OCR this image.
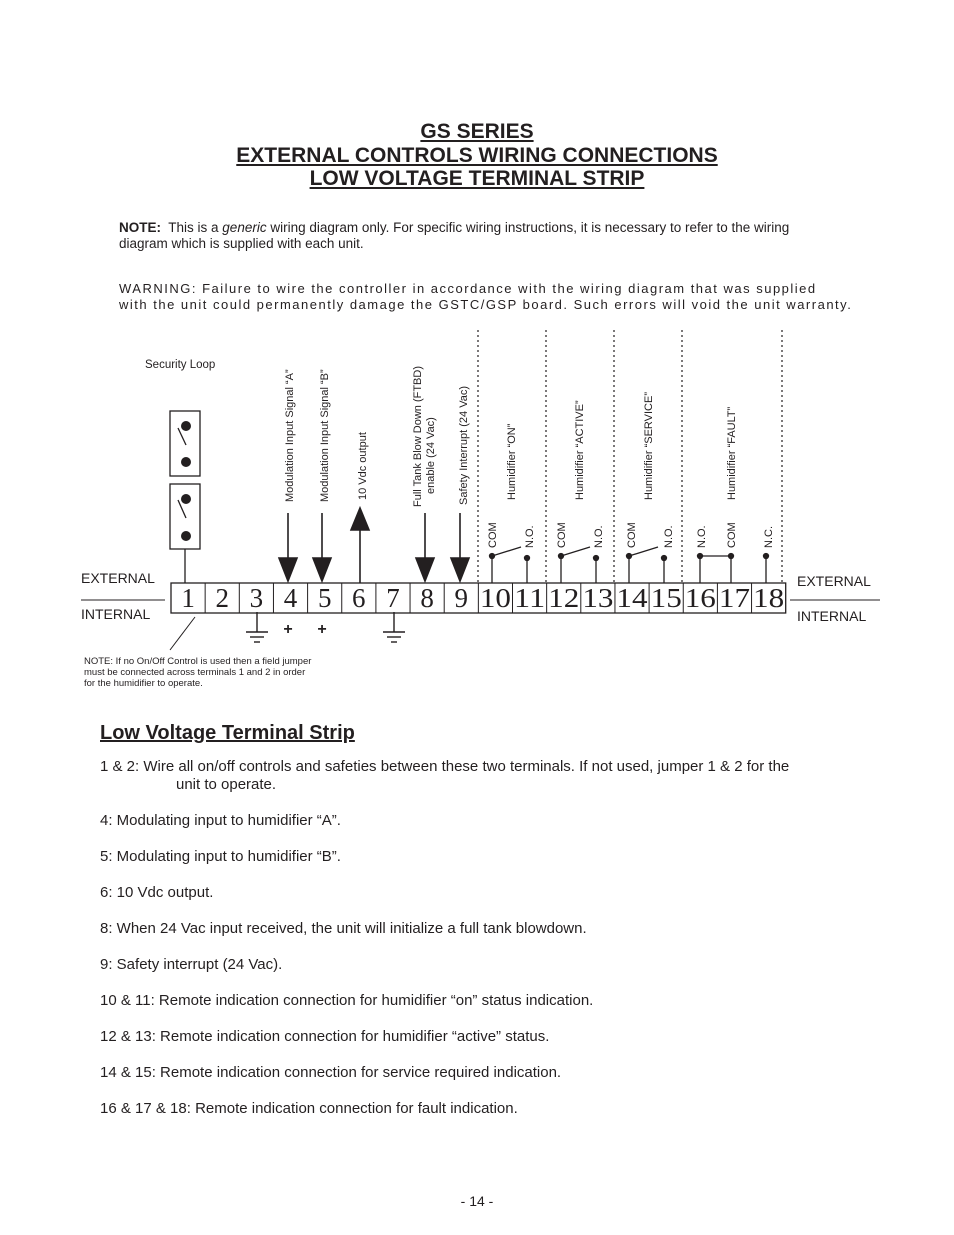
GS SERIES
EXTERNAL CONTROLS WIRING CONNECTIONS
LOW VOLTAGE TERMINAL STRIP
NOTE: This is a generic wiring diagram only. For specific wiring instructions, it is necessary to refer to the wiring diagram which is supplied with each unit.
WARNING: Failure to wire the controller in accordance with the wiring diagram that was supplied
with the unit could permanently damage the GSTC/GSP board. Such errors will void the unit warranty.
Security Loop
EXTERNAL
INTERNAL
EXTERNAL
INTERNAL
1 2 3 4 5 6 7 8 9 10 11 12 13 14 15 16 17 18
Modulation Input Signal “A” Modulation Input Signal “B” 10 Vdc output	Full Tank Blow Down (FTBD) enable (24 Vac) Safety Interrupt (24 Vac)	Humidifier “ON”	Humidifier “ACTIVE”	Humidifier “SERVICE”	Humidifier “FAULT”
COM N.O. COM N.O. COM N.O. N.O. COM N.C.
+ +
NOTE: If no On/Off Control is used then a field jumper
must be connected across terminals 1 and 2 in order
for the humidifier to operate.
Low Voltage Terminal Strip
1 & 2: Wire all on/off controls and safeties between these two terminals. If not used, jumper 1 & 2 for the
unit to operate.
4: Modulating input to humidifier “A”.
5: Modulating input to humidifier “B”.
6: 10 Vdc output.
8: When 24 Vac input received, the unit will initialize a full tank blowdown.
9: Safety interrupt (24 Vac).
10 & 11: Remote indication connection for humidifier “on” status indication.
12 & 13: Remote indication connection for humidifier “active” status.
14 & 15: Remote indication connection for service required indication.
16 & 17 & 18: Remote indication connection for fault indication.
- 14 -
